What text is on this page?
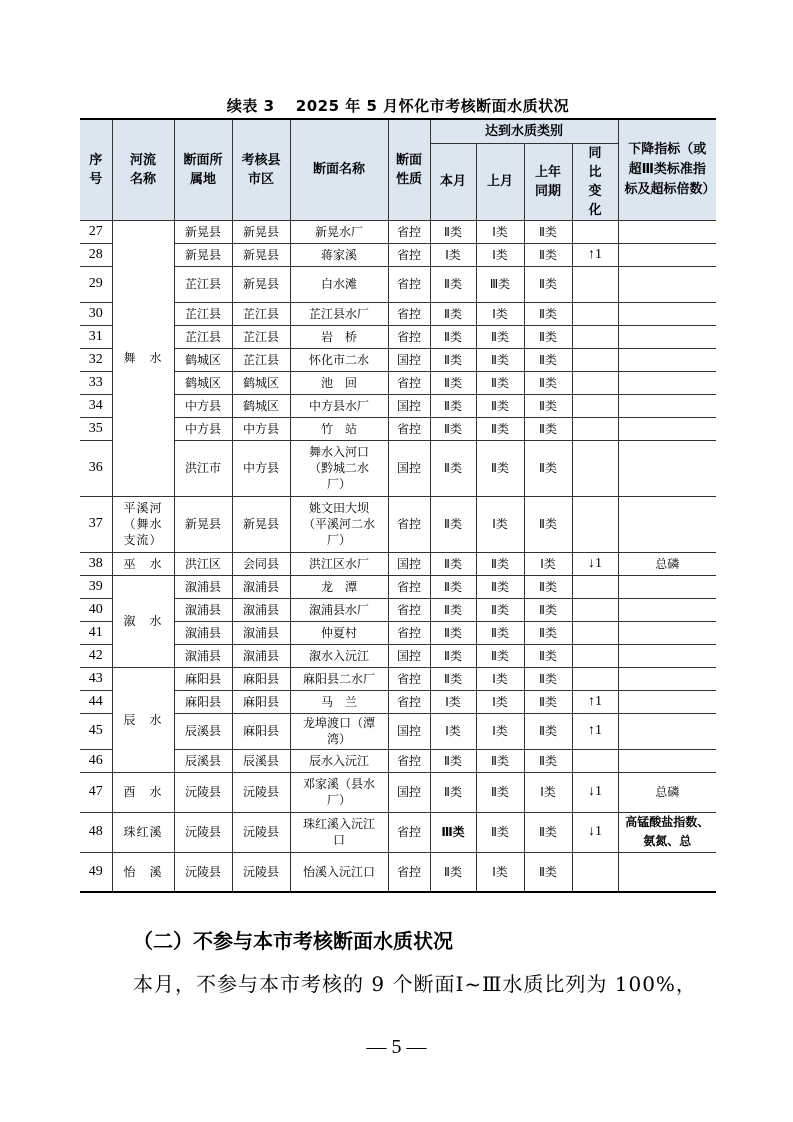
续表 3　 2025 年 5 月怀化市考核断面水质状况
序号	河流名称	断面所属地	考核县市区	断面名称	断面性质	达到水质类别				下降指标（或超Ⅲ类标准指标及超标倍数）
						本月	上月	上年同期	同比变化	
27	舞　水	新晃县	新晃县	新晃水厂	省控	Ⅱ类	Ⅰ类	Ⅱ类		
28		新晃县	新晃县	蒋家溪	省控	Ⅰ类	Ⅰ类	Ⅱ类	↑1	
29		芷江县	新晃县	白水滩	省控	Ⅱ类	Ⅲ类	Ⅱ类		
30		芷江县	芷江县	芷江县水厂	省控	Ⅱ类	Ⅰ类	Ⅱ类		
31		芷江县	芷江县	岩　桥	省控	Ⅱ类	Ⅱ类	Ⅱ类		
32		鹤城区	芷江县	怀化市二水	国控	Ⅱ类	Ⅱ类	Ⅱ类		
33		鹤城区	鹤城区	池　回	省控	Ⅱ类	Ⅱ类	Ⅱ类		
34		中方县	鹤城区	中方县水厂	国控	Ⅱ类	Ⅱ类	Ⅱ类		
35		中方县	中方县	竹　站	省控	Ⅱ类	Ⅱ类	Ⅱ类		
36		洪江市	中方县	舞水入河口（黔城二水厂）	国控	Ⅱ类	Ⅱ类	Ⅱ类		
37	平溪河（舞水支流）	新晃县	新晃县	姚文田大坝（平溪河二水厂）	省控	Ⅱ类	Ⅰ类	Ⅱ类		
38	巫　水	洪江区	会同县	洪江区水厂	国控	Ⅱ类	Ⅱ类	Ⅰ类	↓1	总磷
39	溆　水	溆浦县	溆浦县	龙　潭	省控	Ⅱ类	Ⅱ类	Ⅱ类		
40		溆浦县	溆浦县	溆浦县水厂	省控	Ⅱ类	Ⅱ类	Ⅱ类		
41		溆浦县	溆浦县	仲夏村	省控	Ⅱ类	Ⅱ类	Ⅱ类		
42		溆浦县	溆浦县	溆水入沅江	国控	Ⅱ类	Ⅱ类	Ⅱ类		
43	辰　水	麻阳县	麻阳县	麻阳县二水厂	省控	Ⅱ类	Ⅰ类	Ⅱ类		
44		麻阳县	麻阳县	马　兰	省控	Ⅰ类	Ⅰ类	Ⅱ类	↑1	
45		辰溪县	麻阳县	龙埠渡口（潭湾）	国控	Ⅰ类	Ⅰ类	Ⅱ类	↑1	
46		辰溪县	辰溪县	辰水入沅江	省控	Ⅱ类	Ⅱ类	Ⅱ类		
47	酉　水	沅陵县	沅陵县	邓家溪（县水厂）	国控	Ⅱ类	Ⅱ类	Ⅰ类	↓1	总磷
48	珠红溪	沅陵县	沅陵县	珠红溪入沅江口	省控	Ⅲ类	Ⅱ类	Ⅱ类	↓1	高锰酸盐指数、氨氮、总
49	怡　溪	沅陵县	沅陵县	怡溪入沅江口	省控	Ⅱ类	Ⅰ类	Ⅱ类		
（二）不参与本市考核断面水质状况
本月，不参与本市考核的 9 个断面Ⅰ~Ⅲ水质比列为 100%，
— 5 —
